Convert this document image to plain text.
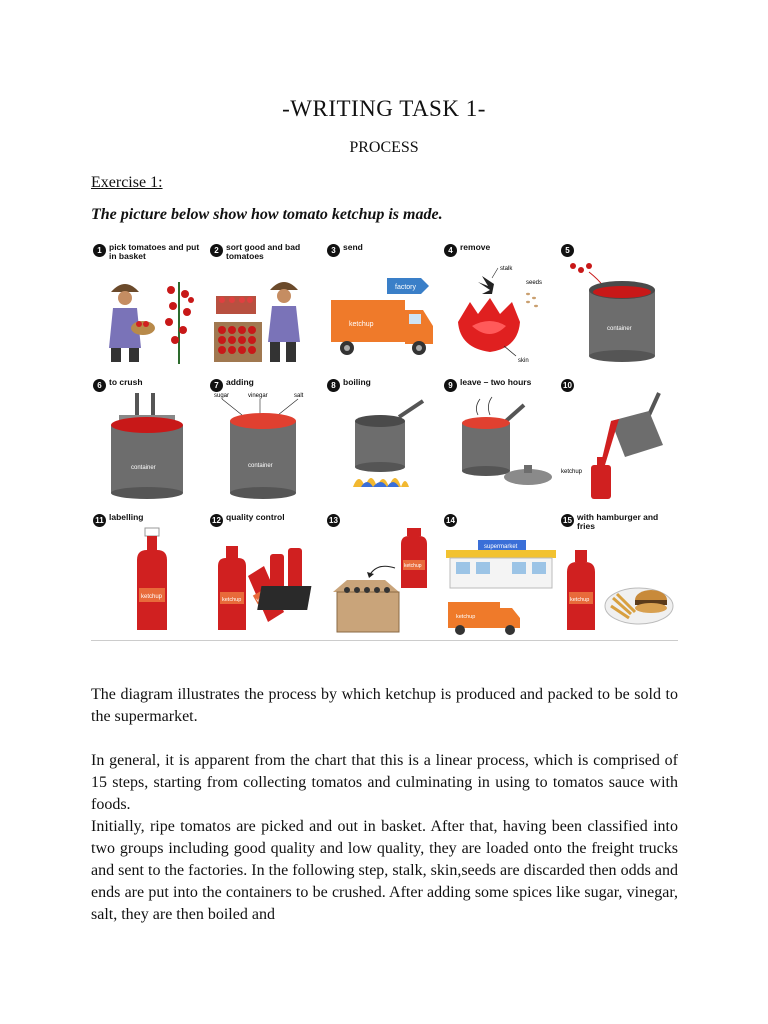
-WRITING TASK 1-
PROCESS
Exercise 1:
The picture below show how tomato ketchup is made.
1 pick tomatoes and put in basket
2 sort good and bad tomatoes
3 send
factory
ketchup
4 remove
stalk
seeds
skin
5
container
6 to crush
container
7 adding
sugar	vinegar	salt
container
8 boiling	9 leave – two hours	10
ketchup
11 labelling
ketchup
12 quality control
ketchup
13
ketchup
14
supermarket
ketchup
15 with hamburger and fries
ketchup
The diagram illustrates the process by which ketchup is produced and packed to be sold to the supermarket.
In general, it is apparent from the chart that this is a linear process, which is comprised of 15 steps, starting from collecting tomatos and culminating in using to tomatos sauce with foods.
Initially, ripe tomatos are picked and out in basket. After that, having been classified into two groups including good quality and low quality, they are loaded onto the freight trucks and sent to the factories. In the following step, stalk, skin,seeds are discarded then odds and ends are put into the containers to be crushed. After adding some spices like sugar, vinegar, salt, they are then boiled and
